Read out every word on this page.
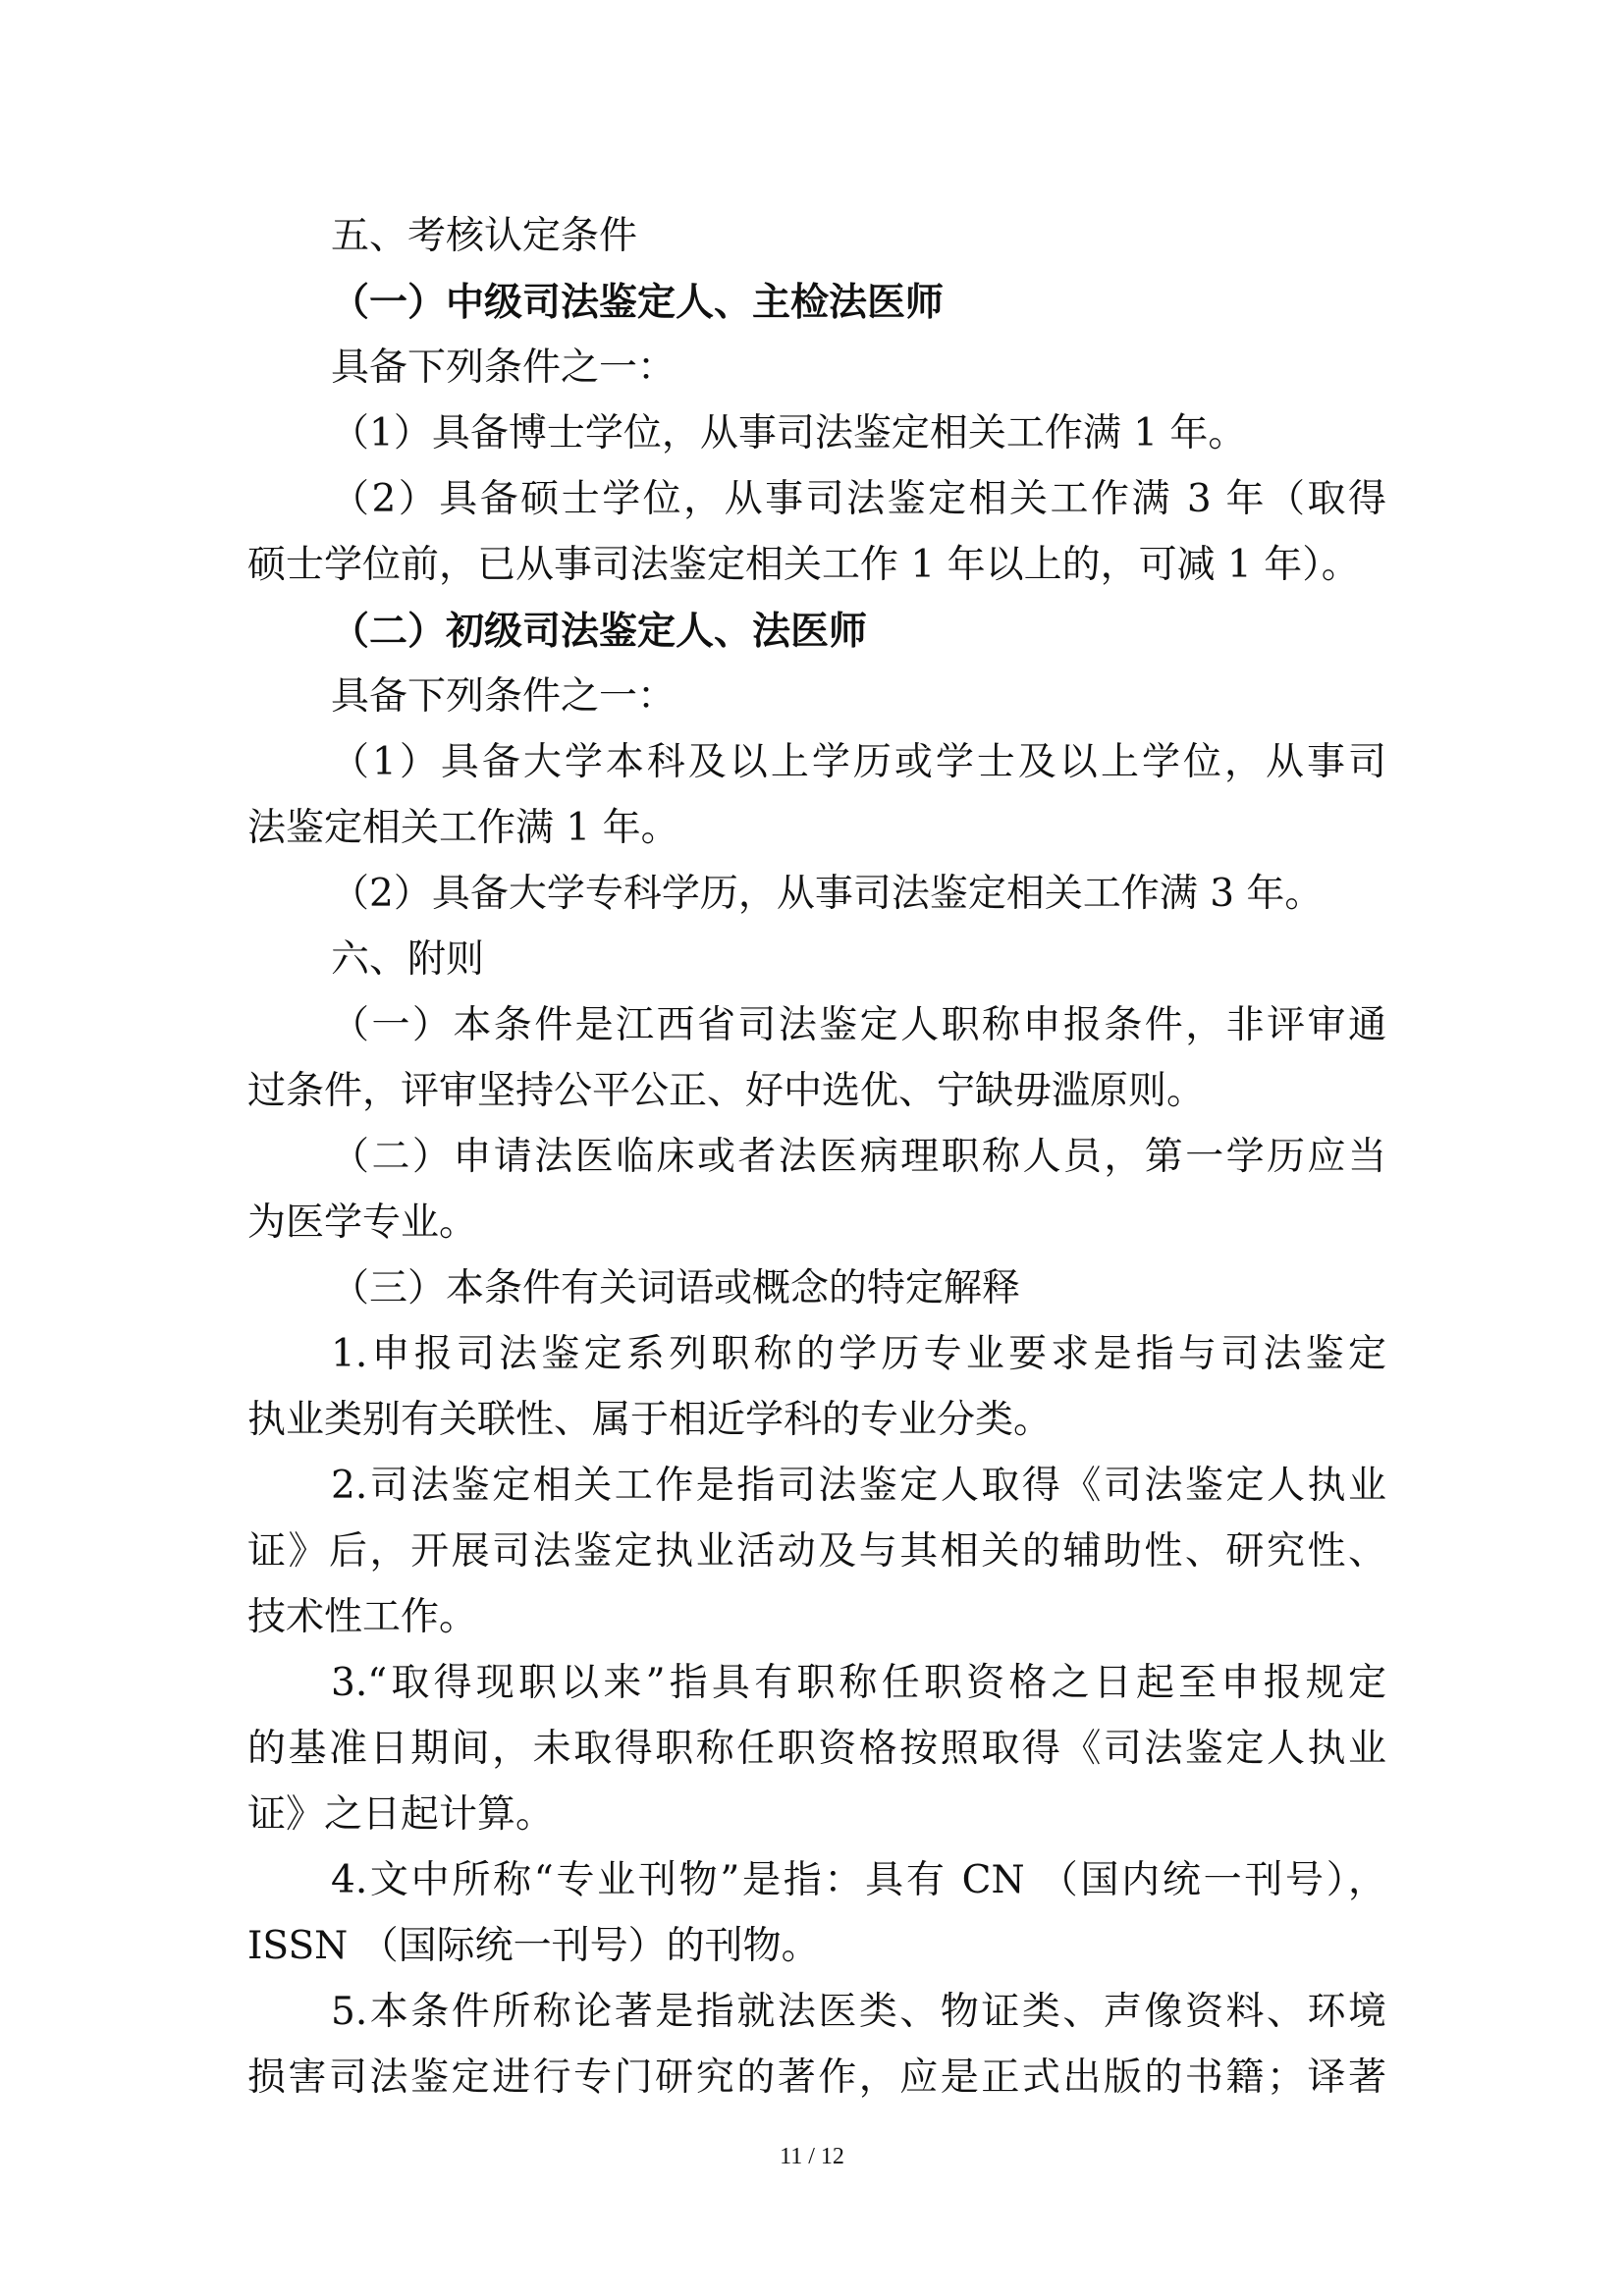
五、考核认定条件
（一）中级司法鉴定人、主检法医师
具备下列条件之一：
（1）具备博士学位，从事司法鉴定相关工作满 1 年。
（2）具备硕士学位，从事司法鉴定相关工作满 3 年（取得
硕士学位前，已从事司法鉴定相关工作 1 年以上的，可减 1 年）。
（二）初级司法鉴定人、法医师
具备下列条件之一：
（1）具备大学本科及以上学历或学士及以上学位，从事司
法鉴定相关工作满 1 年。
（2）具备大学专科学历，从事司法鉴定相关工作满 3 年。
六、附则
（一）本条件是江西省司法鉴定人职称申报条件，非评审通
过条件，评审坚持公平公正、好中选优、宁缺毋滥原则。
（二）申请法医临床或者法医病理职称人员，第一学历应当
为医学专业。
（三）本条件有关词语或概念的特定解释
1.申报司法鉴定系列职称的学历专业要求是指与司法鉴定
执业类别有关联性、属于相近学科的专业分类。
2.司法鉴定相关工作是指司法鉴定人取得《司法鉴定人执业
证》后，开展司法鉴定执业活动及与其相关的辅助性、研究性、
技术性工作。
3.“取得现职以来”指具有职称任职资格之日起至申报规定
的基准日期间，未取得职称任职资格按照取得《司法鉴定人执业
证》之日起计算。
4.文中所称“专业刊物”是指：具有 CN （国内统一刊号），
ISSN （国际统一刊号）的刊物。
5.本条件所称论著是指就法医类、物证类、声像资料、环境
损害司法鉴定进行专门研究的著作，应是正式出版的书籍；译著
11 / 12
